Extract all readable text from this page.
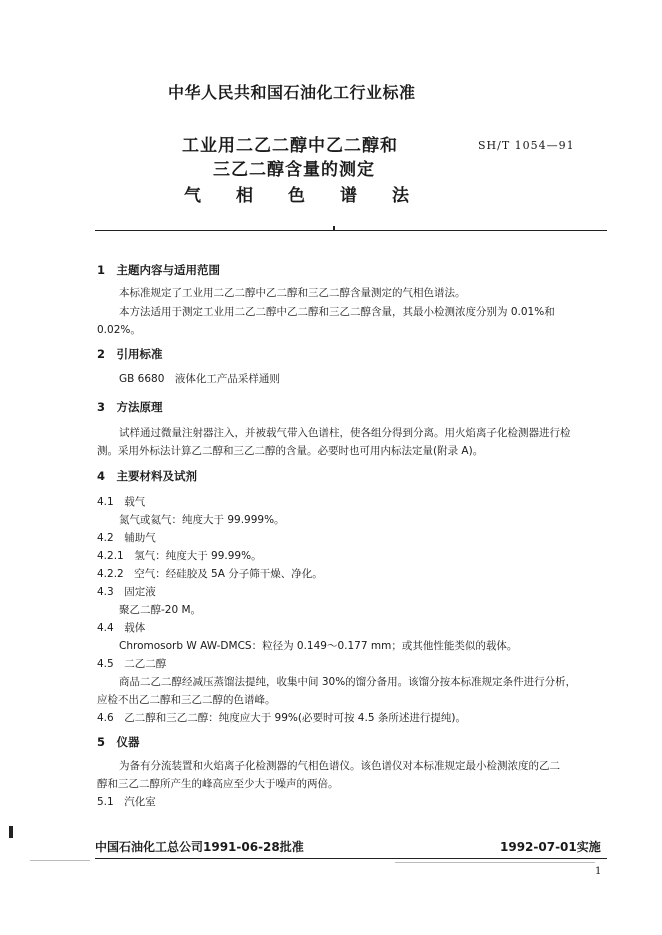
中华人民共和国石油化工行业标准
工业用二乙二醇中乙二醇和
三乙二醇含量的测定
气相色谱法
SH/T 1054—91
1　主题内容与适用范围
本标准规定了工业用二乙二醇中乙二醇和三乙二醇含量测定的气相色谱法。
本方法适用于测定工业用二乙二醇中乙二醇和三乙二醇含量，其最小检测浓度分别为 0.01%和
0.02%。
2　引用标准
GB 6680　液体化工产品采样通则
3　方法原理
试样通过微量注射器注入，并被载气带入色谱柱，使各组分得到分离。用火焰离子化检测器进行检
测。采用外标法计算乙二醇和三乙二醇的含量。必要时也可用内标法定量(附录 A)。
4　主要材料及试剂
4.1　载气
氮气或氦气：纯度大于 99.999%。
4.2　辅助气
4.2.1　氢气：纯度大于 99.99%。
4.2.2　空气：经硅胶及 5A 分子筛干燥、净化。
4.3　固定液
聚乙二醇-20 M。
4.4　载体
Chromosorb W AW-DMCS：粒径为 0.149～0.177 mm；或其他性能类似的载体。
4.5　二乙二醇
商品二乙二醇经减压蒸馏法提纯，收集中间 30%的馏分备用。该馏分按本标准规定条件进行分析，
应检不出乙二醇和三乙二醇的色谱峰。
4.6　乙二醇和三乙二醇：纯度应大于 99%(必要时可按 4.5 条所述进行提纯)。
5　仪器
为备有分流装置和火焰离子化检测器的气相色谱仪。该色谱仪对本标准规定最小检测浓度的乙二
醇和三乙二醇所产生的峰高应至少大于噪声的两倍。
5.1　汽化室
中国石油化工总公司1991-06-28批准	1992-07-01实施
1
